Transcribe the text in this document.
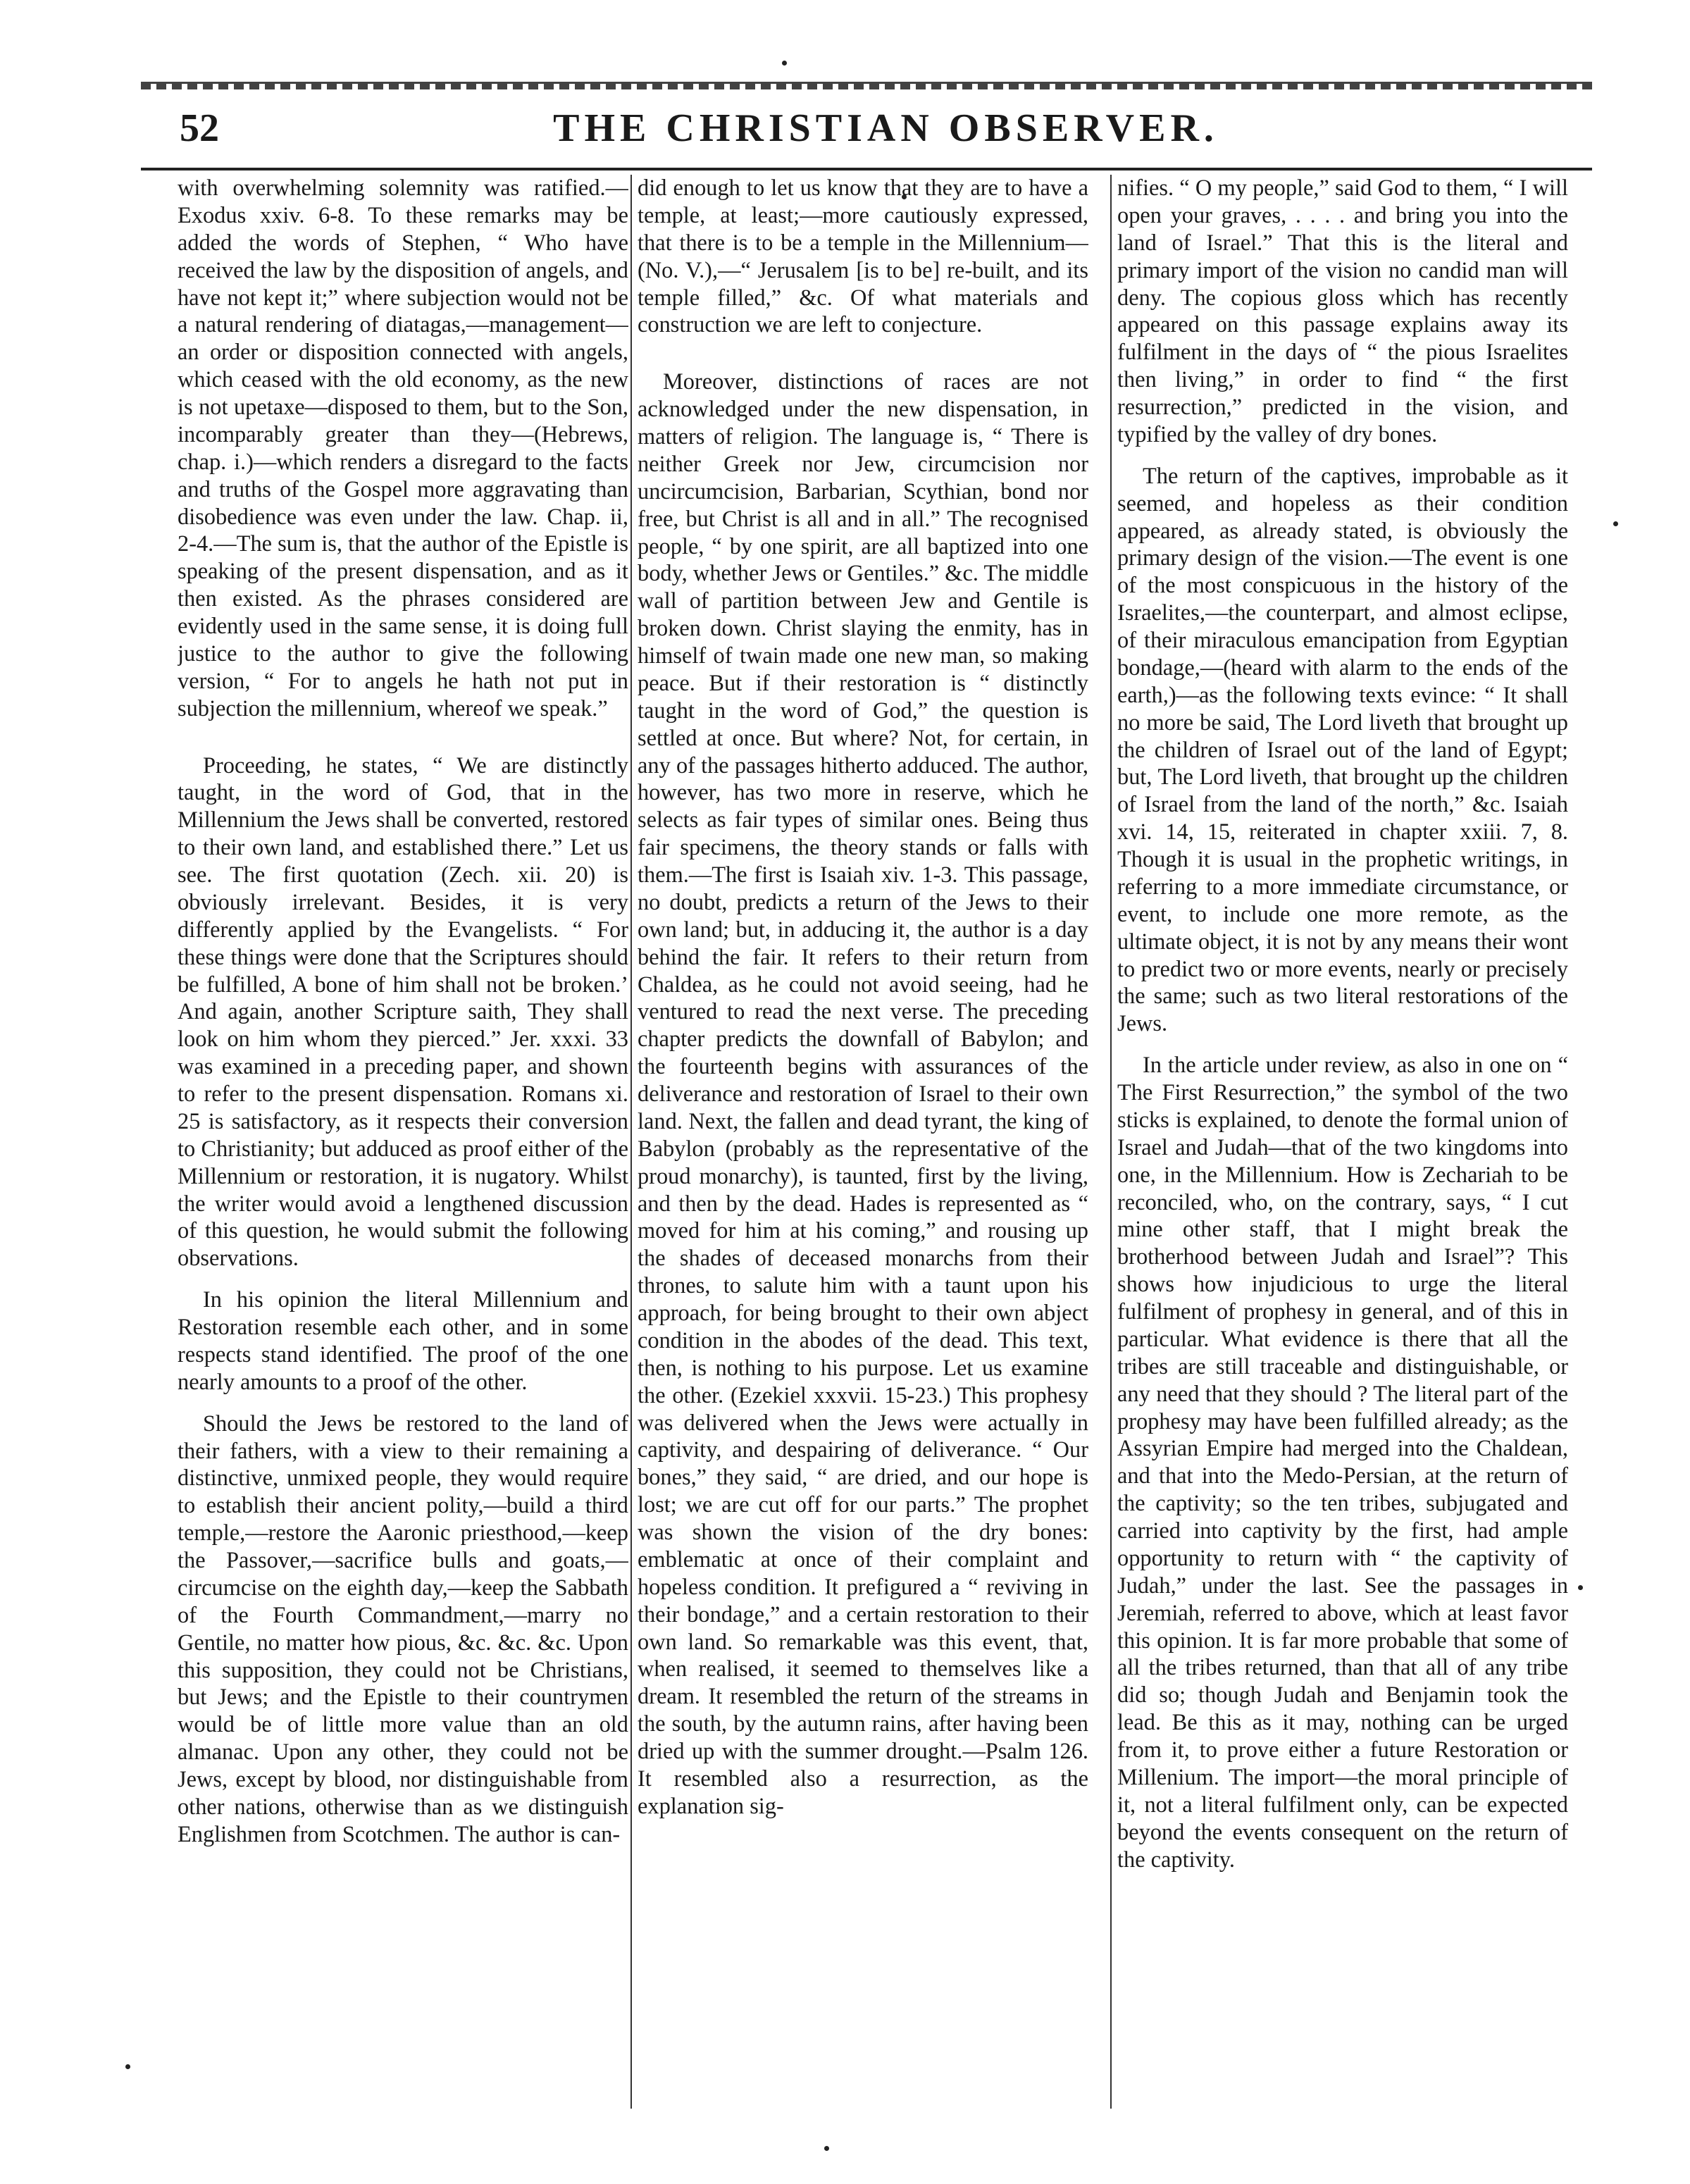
52	THE CHRISTIAN OBSERVER.

with overwhelming solemnity was ratified.—Exodus xxiv. 6-8. To these remarks may be added the words of Stephen, “ Who have received the law by the disposition of angels, and have not kept it;” where subjection would not be a natural rendering of diatagas,—management—an order or disposition connected with angels, which ceased with the old economy, as the new is not upetaxe—disposed to them, but to the Son, incomparably greater than they—(Hebrews, chap. i.)—which renders a disregard to the facts and truths of the Gospel more aggravating than disobedience was even under the law. Chap. ii, 2-4.—The sum is, that the author of the Epistle is speaking of the present dispensation, and as it then existed. As the phrases considered are evidently used in the same sense, it is doing full justice to the author to give the following version, “ For to angels he hath not put in subjection the millennium, whereof we speak.”

Proceeding, he states, “ We are distinctly taught, in the word of God, that in the Millennium the Jews shall be converted, restored to their own land, and established there.” Let us see. The first quotation (Zech. xii. 20) is obviously irrelevant. Besides, it is very differently applied by the Evangelists. “ For these things were done that the Scriptures should be fulfilled, A bone of him shall not be broken.’ And again, another Scripture saith, They shall look on him whom they pierced.” Jer. xxxi. 33 was examined in a preceding paper, and shown to refer to the present dispensation. Romans xi. 25 is satisfactory, as it respects their conversion to Christianity; but adduced as proof either of the Millennium or restoration, it is nugatory. Whilst the writer would avoid a lengthened discussion of this question, he would submit the following observations.

In his opinion the literal Millennium and Restoration resemble each other, and in some respects stand identified. The proof of the one nearly amounts to a proof of the other.

Should the Jews be restored to the land of their fathers, with a view to their remaining a distinctive, unmixed people, they would require to establish their ancient polity,—build a third temple,—restore the Aaronic priesthood,—keep the Passover,—sacrifice bulls and goats,—circumcise on the eighth day,—keep the Sabbath of the Fourth Commandment,—marry no Gentile, no matter how pious, &c. &c. &c. Upon this supposition, they could not be Christians, but Jews; and the Epistle to their countrymen would be of little more value than an old almanac. Upon any other, they could not be Jews, except by blood, nor distinguishable from other nations, otherwise than as we distinguish Englishmen from Scotchmen. The author is can-

did enough to let us know that they are to have a temple, at least;—more cautiously expressed, that there is to be a temple in the Millennium—(No. V.),—“ Jerusalem [is to be] re-built, and its temple filled,” &c. Of what materials and construction we are left to conjecture.

Moreover, distinctions of races are not acknowledged under the new dispensation, in matters of religion. The language is, “ There is neither Greek nor Jew, circumcision nor uncircumcision, Barbarian, Scythian, bond nor free, but Christ is all and in all.” The recognised people, “ by one spirit, are all baptized into one body, whether Jews or Gentiles.” &c. The middle wall of partition between Jew and Gentile is broken down. Christ slaying the enmity, has in himself of twain made one new man, so making peace. But if their restoration is “ distinctly taught in the word of God,” the question is settled at once. But where? Not, for certain, in any of the passages hitherto adduced. The author, however, has two more in reserve, which he selects as fair types of similar ones. Being thus fair specimens, the theory stands or falls with them.—The first is Isaiah xiv. 1-3. This passage, no doubt, predicts a return of the Jews to their own land; but, in adducing it, the author is a day behind the fair. It refers to their return from Chaldea, as he could not avoid seeing, had he ventured to read the next verse. The preceding chapter predicts the downfall of Babylon; and the fourteenth begins with assurances of the deliverance and restoration of Israel to their own land. Next, the fallen and dead tyrant, the king of Babylon (probably as the representative of the proud monarchy), is taunted, first by the living, and then by the dead. Hades is represented as “ moved for him at his coming,” and rousing up the shades of deceased monarchs from their thrones, to salute him with a taunt upon his approach, for being brought to their own abject condition in the abodes of the dead. This text, then, is nothing to his purpose. Let us examine the other. (Ezekiel xxxvii. 15-23.) This prophesy was delivered when the Jews were actually in captivity, and despairing of deliverance. “ Our bones,” they said, “ are dried, and our hope is lost; we are cut off for our parts.” The prophet was shown the vision of the dry bones: emblematic at once of their complaint and hopeless condition. It prefigured a “ reviving in their bondage,” and a certain restoration to their own land. So remarkable was this event, that, when realised, it seemed to themselves like a dream. It resembled the return of the streams in the south, by the autumn rains, after having been dried up with the summer drought.—Psalm 126. It resembled also a resurrection, as the explanation sig-

nifies. “ O my people,” said God to them, “ I will open your graves, . . . . and bring you into the land of Israel.” That this is the literal and primary import of the vision no candid man will deny. The copious gloss which has recently appeared on this passage explains away its fulfilment in the days of “ the pious Israelites then living,” in order to find “ the first resurrection,” predicted in the vision, and typified by the valley of dry bones.

The return of the captives, improbable as it seemed, and hopeless as their condition appeared, as already stated, is obviously the primary design of the vision.—The event is one of the most conspicuous in the history of the Israelites,—the counterpart, and almost eclipse, of their miraculous emancipation from Egyptian bondage,—(heard with alarm to the ends of the earth,)—as the following texts evince: “ It shall no more be said, The Lord liveth that brought up the children of Israel out of the land of Egypt; but, The Lord liveth, that brought up the children of Israel from the land of the north,” &c. Isaiah xvi. 14, 15, reiterated in chapter xxiii. 7, 8. Though it is usual in the prophetic writings, in referring to a more immediate circumstance, or event, to include one more remote, as the ultimate object, it is not by any means their wont to predict two or more events, nearly or precisely the same; such as two literal restorations of the Jews.

In the article under review, as also in one on “ The First Resurrection,” the symbol of the two sticks is explained, to denote the formal union of Israel and Judah—that of the two kingdoms into one, in the Millennium. How is Zechariah to be reconciled, who, on the contrary, says, “ I cut mine other staff, that I might break the brotherhood between Judah and Israel”? This shows how injudicious to urge the literal fulfilment of prophesy in general, and of this in particular. What evidence is there that all the tribes are still traceable and distinguishable, or any need that they should ? The literal part of the prophesy may have been fulfilled already; as the Assyrian Empire had merged into the Chaldean, and that into the Medo-Persian, at the return of the captivity; so the ten tribes, subjugated and carried into captivity by the first, had ample opportunity to return with “ the captivity of Judah,” under the last. See the passages in Jeremiah, referred to above, which at least favor this opinion. It is far more probable that some of all the tribes returned, than that all of any tribe did so; though Judah and Benjamin took the lead. Be this as it may, nothing can be urged from it, to prove either a future Restoration or Millenium. The import—the moral principle of it, not a literal fulfilment only, can be expected beyond the events consequent on the return of the captivity.
